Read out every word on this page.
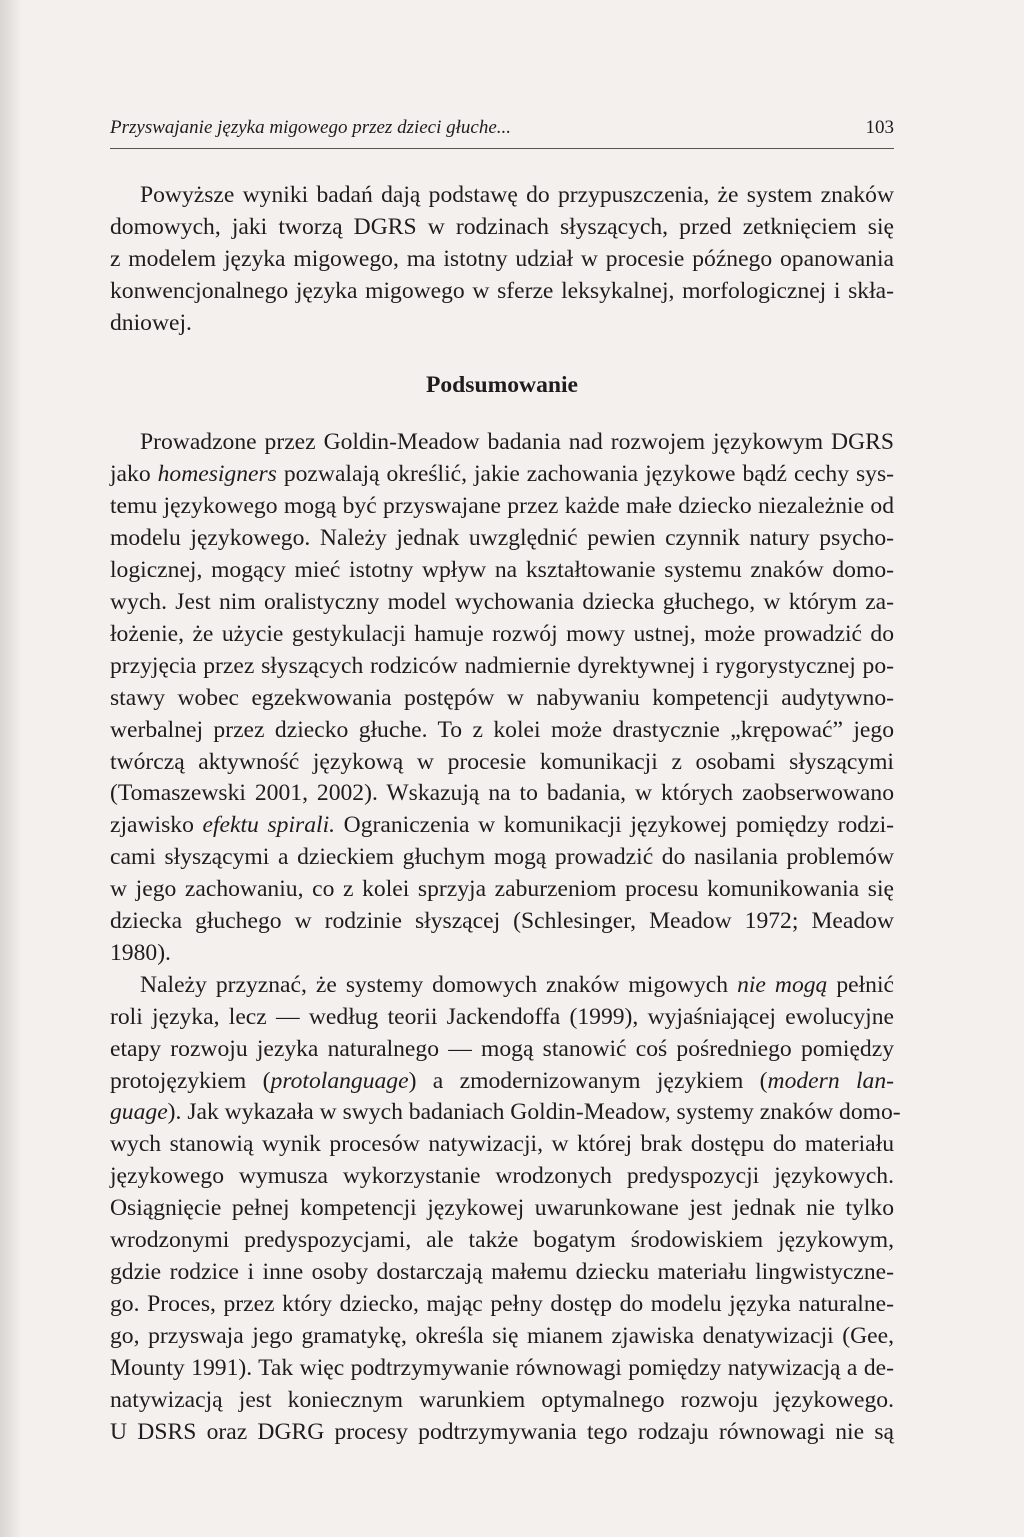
Przyswajanie języka migowego przez dzieci głuche...	103
Powyższe wyniki badań dają podstawę do przypuszczenia, że system znaków
domowych, jaki tworzą DGRS w rodzinach słyszących, przed zetknięciem się
z modelem języka migowego, ma istotny udział w procesie późnego opanowania
konwencjonalnego języka migowego w sferze leksykalnej, morfologicznej i skła-
dniowej.
Podsumowanie
Prowadzone przez Goldin-Meadow badania nad rozwojem językowym DGRS
jako homesigners pozwalają określić, jakie zachowania językowe bądź cechy sys-
temu językowego mogą być przyswajane przez każde małe dziecko niezależnie od
modelu językowego. Należy jednak uwzględnić pewien czynnik natury psycho-
logicznej, mogący mieć istotny wpływ na kształtowanie systemu znaków domo-
wych. Jest nim oralistyczny model wychowania dziecka głuchego, w którym za-
łożenie, że użycie gestykulacji hamuje rozwój mowy ustnej, może prowadzić do
przyjęcia przez słyszących rodziców nadmiernie dyrektywnej i rygorystycznej po-
stawy wobec egzekwowania postępów w nabywaniu kompetencji audytywno-
werbalnej przez dziecko głuche. To z kolei może drastycznie „krępować” jego
twórczą aktywność językową w procesie komunikacji z osobami słyszącymi
(Tomaszewski 2001, 2002). Wskazują na to badania, w których zaobserwowano
zjawisko efektu spirali. Ograniczenia w komunikacji językowej pomiędzy rodzi-
cami słyszącymi a dzieckiem głuchym mogą prowadzić do nasilania problemów
w jego zachowaniu, co z kolei sprzyja zaburzeniom procesu komunikowania się
dziecka głuchego w rodzinie słyszącej (Schlesinger, Meadow 1972; Meadow
1980).
Należy przyznać, że systemy domowych znaków migowych nie mogą pełnić
roli języka, lecz — według teorii Jackendoffa (1999), wyjaśniającej ewolucyjne
etapy rozwoju jezyka naturalnego — mogą stanowić coś pośredniego pomiędzy
protojęzykiem (protolanguage) a zmodernizowanym językiem (modern lan-
guage). Jak wykazała w swych badaniach Goldin-Meadow, systemy znaków domo-
wych stanowią wynik procesów natywizacji, w której brak dostępu do materiału
językowego wymusza wykorzystanie wrodzonych predyspozycji językowych.
Osiągnięcie pełnej kompetencji językowej uwarunkowane jest jednak nie tylko
wrodzonymi predyspozycjami, ale także bogatym środowiskiem językowym,
gdzie rodzice i inne osoby dostarczają małemu dziecku materiału lingwistyczne-
go. Proces, przez który dziecko, mając pełny dostęp do modelu języka naturalne-
go, przyswaja jego gramatykę, określa się mianem zjawiska denatywizacji (Gee,
Mounty 1991). Tak więc podtrzymywanie równowagi pomiędzy natywizacją a de-
natywizacją jest koniecznym warunkiem optymalnego rozwoju językowego.
U DSRS oraz DGRG procesy podtrzymywania tego rodzaju równowagi nie są
